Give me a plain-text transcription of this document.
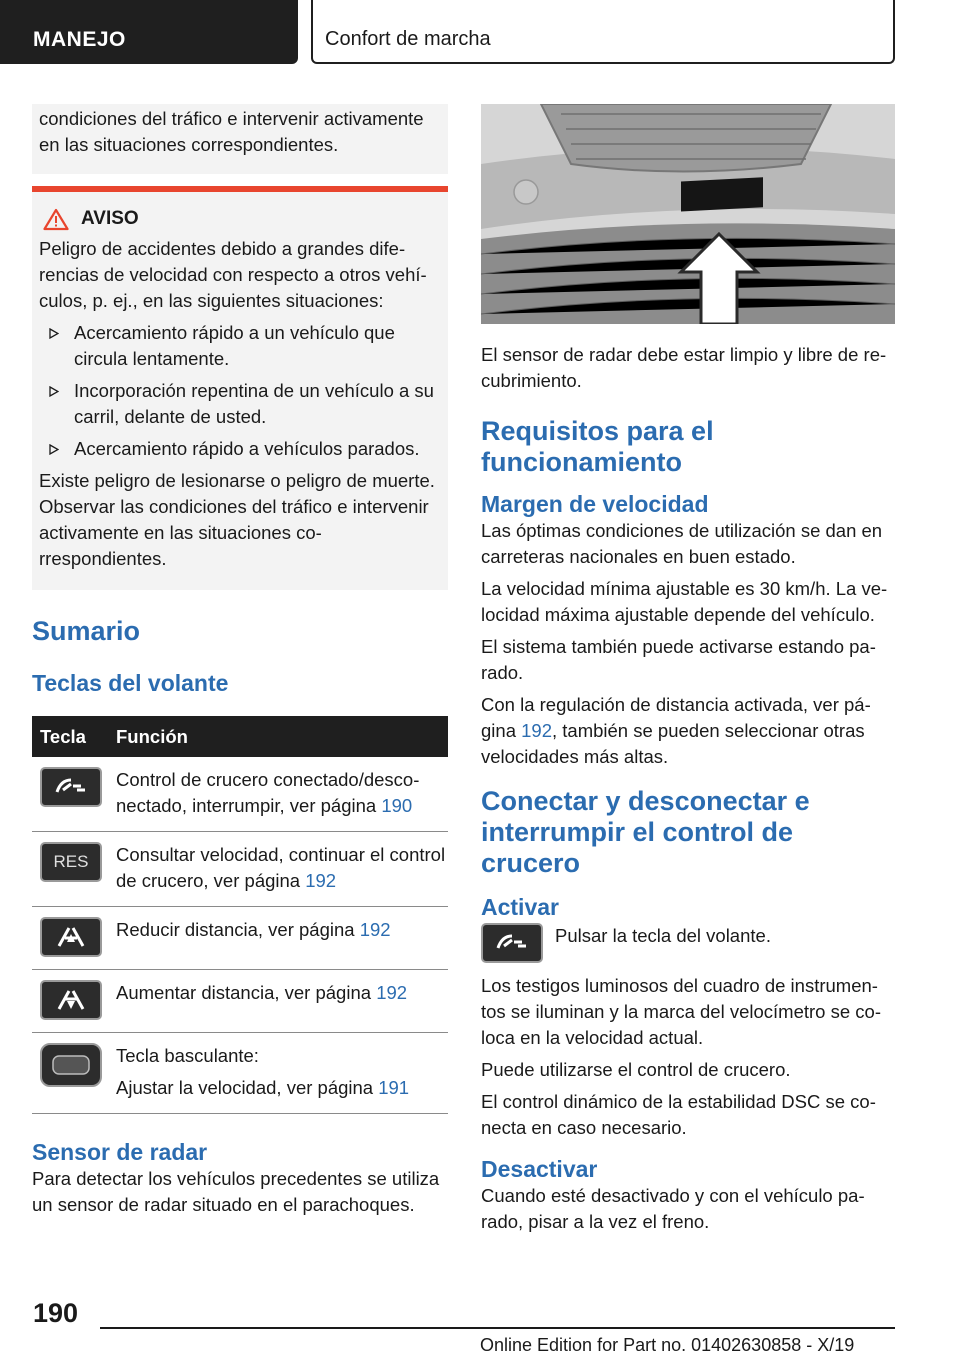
MANEJO	Confort de marcha

condiciones del tráfico e intervenir activamente en las situaciones correspondientes.

AVISO

Peligro de accidentes debido a grandes diferencias de velocidad con respecto a otros vehículos, p. ej., en las siguientes situaciones:

Acercamiento rápido a un vehículo que circula lentamente.
Incorporación repentina de un vehículo a su carril, delante de usted.
Acercamiento rápido a vehículos parados.

Existe peligro de lesionarse o peligro de muerte. Observar las condiciones del tráfico e intervenir activamente en las situaciones correspondientes.

Sumario
Teclas del volante
Tecla	Función

	Control de crucero conectado/desconectado, interrumpir, ver página 190

RES	Consultar velocidad, continuar el control de crucero, ver página 192

	Reducir distancia, ver página 192

	Aumentar distancia, ver página 192

Tecla basculante:
Ajustar la velocidad, ver página 191
Sensor de radar

Para detectar los vehículos precedentes se utiliza un sensor de radar situado en el parachoques.

El sensor de radar debe estar limpio y libre de recubrimiento.

Requisitos para el funcionamiento
Margen de velocidad

Las óptimas condiciones de utilización se dan en carreteras nacionales en buen estado.

La velocidad mínima ajustable es 30 km/h. La velocidad máxima ajustable depende del vehículo.

El sistema también puede activarse estando parado.

Con la regulación de distancia activada, ver página 192, también se pueden seleccionar otras velocidades más altas.

Conectar y desconectar e interrumpir el control de crucero
Activar

Pulsar la tecla del volante.

Los testigos luminosos del cuadro de instrumentos se iluminan y la marca del velocímetro se coloca en la velocidad actual.

Puede utilizarse el control de crucero.

El control dinámico de la estabilidad DSC se conecta en caso necesario.

Desactivar

Cuando esté desactivado y con el vehículo parado, pisar a la vez el freno.

190
Online Edition for Part no. 01402630858 - X/19
